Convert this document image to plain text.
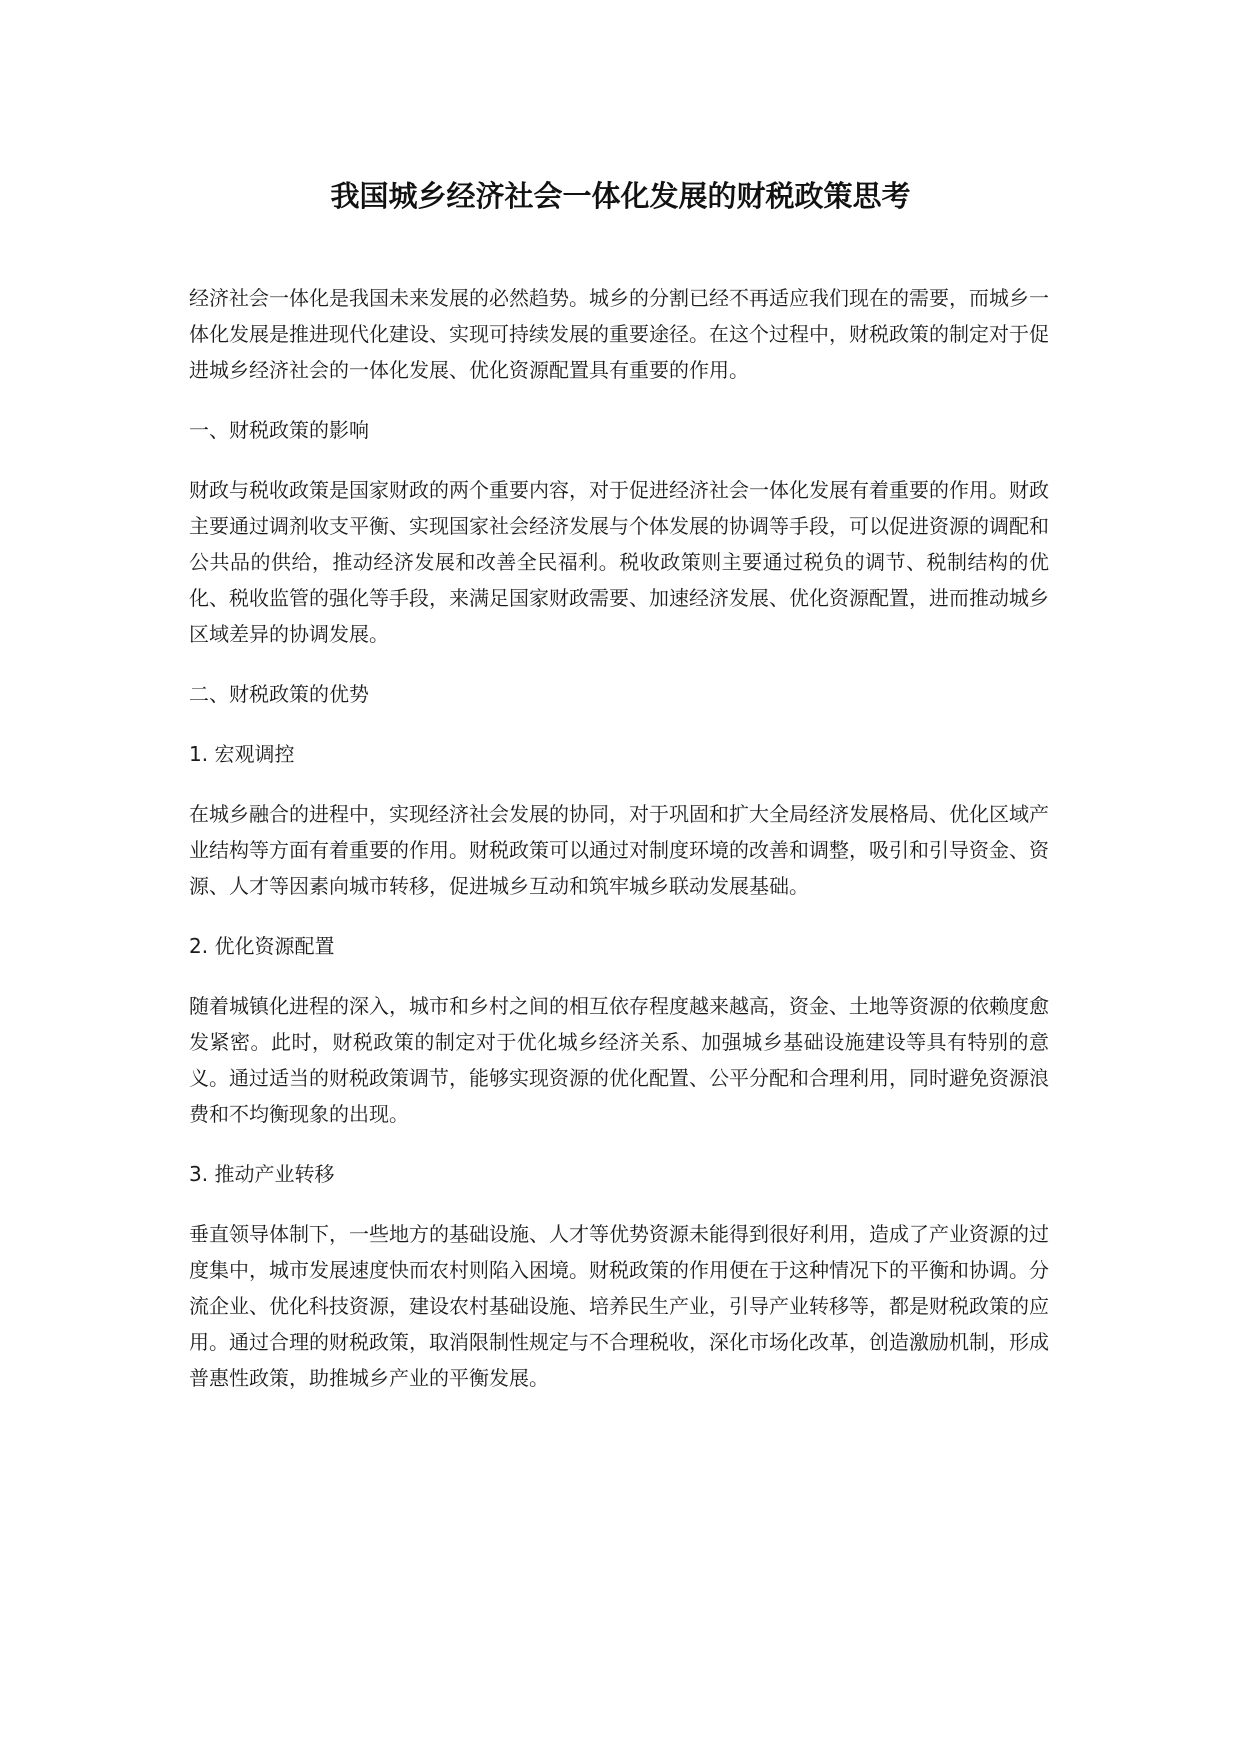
我国城乡经济社会一体化发展的财税政策思考

经济社会一体化是我国未来发展的必然趋势。城乡的分割已经不再适应我们现在的需要，而城乡一体化发展是推进现代化建设、实现可持续发展的重要途径。在这个过程中，财税政策的制定对于促进城乡经济社会的一体化发展、优化资源配置具有重要的作用。

一、财税政策的影响

财政与税收政策是国家财政的两个重要内容，对于促进经济社会一体化发展有着重要的作用。财政主要通过调剂收支平衡、实现国家社会经济发展与个体发展的协调等手段，可以促进资源的调配和公共品的供给，推动经济发展和改善全民福利。税收政策则主要通过税负的调节、税制结构的优化、税收监管的强化等手段，来满足国家财政需要、加速经济发展、优化资源配置，进而推动城乡区域差异的协调发展。

二、财税政策的优势

1. 宏观调控

在城乡融合的进程中，实现经济社会发展的协同，对于巩固和扩大全局经济发展格局、优化区域产业结构等方面有着重要的作用。财税政策可以通过对制度环境的改善和调整，吸引和引导资金、资源、人才等因素向城市转移，促进城乡互动和筑牢城乡联动发展基础。

2. 优化资源配置

随着城镇化进程的深入，城市和乡村之间的相互依存程度越来越高，资金、土地等资源的依赖度愈发紧密。此时，财税政策的制定对于优化城乡经济关系、加强城乡基础设施建设等具有特别的意义。通过适当的财税政策调节，能够实现资源的优化配置、公平分配和合理利用，同时避免资源浪费和不均衡现象的出现。

3. 推动产业转移

垂直领导体制下，一些地方的基础设施、人才等优势资源未能得到很好利用，造成了产业资源的过度集中，城市发展速度快而农村则陷入困境。财税政策的作用便在于这种情况下的平衡和协调。分流企业、优化科技资源，建设农村基础设施、培养民生产业，引导产业转移等，都是财税政策的应用。通过合理的财税政策，取消限制性规定与不合理税收，深化市场化改革，创造激励机制，形成普惠性政策，助推城乡产业的平衡发展。
